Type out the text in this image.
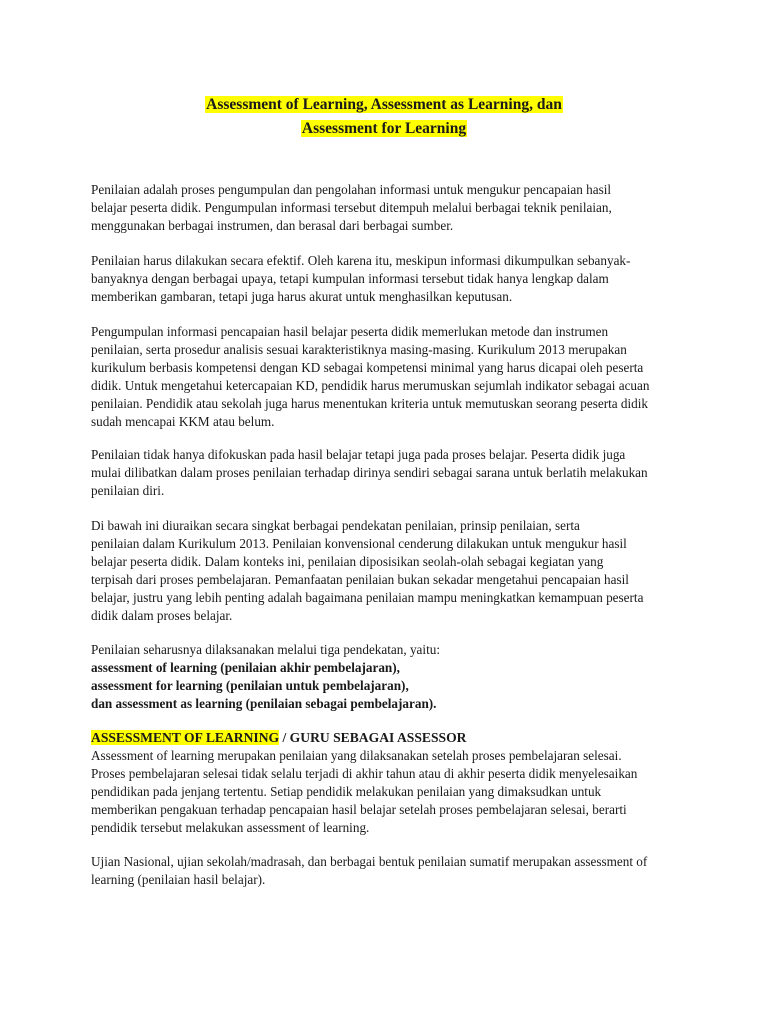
Assessment of Learning, Assessment as Learning, dan
Assessment for Learning
Penilaian adalah proses pengumpulan dan pengolahan informasi untuk mengukur pencapaian hasil
belajar peserta didik. Pengumpulan informasi tersebut ditempuh melalui berbagai teknik penilaian,
menggunakan berbagai instrumen, dan berasal dari berbagai sumber.
Penilaian harus dilakukan secara efektif. Oleh karena itu, meskipun informasi dikumpulkan sebanyak-
banyaknya dengan berbagai upaya, tetapi kumpulan informasi tersebut tidak hanya lengkap dalam
memberikan gambaran, tetapi juga harus akurat untuk menghasilkan keputusan.
Pengumpulan informasi pencapaian hasil belajar peserta didik memerlukan metode dan instrumen
penilaian, serta prosedur analisis sesuai karakteristiknya masing-masing. Kurikulum 2013 merupakan
kurikulum berbasis kompetensi dengan KD sebagai kompetensi minimal yang harus dicapai oleh peserta
didik. Untuk mengetahui ketercapaian KD, pendidik harus merumuskan sejumlah indikator sebagai acuan
penilaian. Pendidik atau sekolah juga harus menentukan kriteria untuk memutuskan seorang peserta didik
sudah mencapai KKM atau belum.
Penilaian tidak hanya difokuskan pada hasil belajar tetapi juga pada proses belajar. Peserta didik juga
mulai dilibatkan dalam proses penilaian terhadap dirinya sendiri sebagai sarana untuk berlatih melakukan
penilaian diri.
Di bawah ini diuraikan secara singkat berbagai pendekatan penilaian, prinsip penilaian, serta
penilaian dalam Kurikulum 2013. Penilaian konvensional cenderung dilakukan untuk mengukur hasil
belajar peserta didik. Dalam konteks ini, penilaian diposisikan seolah-olah sebagai kegiatan yang
terpisah dari proses pembelajaran. Pemanfaatan penilaian bukan sekadar mengetahui pencapaian hasil
belajar, justru yang lebih penting adalah bagaimana penilaian mampu meningkatkan kemampuan peserta
didik dalam proses belajar.
Penilaian seharusnya dilaksanakan melalui tiga pendekatan, yaitu:
assessment of learning (penilaian akhir pembelajaran),
assessment for learning (penilaian untuk pembelajaran),
dan assessment as learning (penilaian sebagai pembelajaran).
ASSESSMENT OF LEARNING / GURU SEBAGAI ASSESSOR
Assessment of learning merupakan penilaian yang dilaksanakan setelah proses pembelajaran selesai.
Proses pembelajaran selesai tidak selalu terjadi di akhir tahun atau di akhir peserta didik menyelesaikan
pendidikan pada jenjang tertentu. Setiap pendidik melakukan penilaian yang dimaksudkan untuk
memberikan pengakuan terhadap pencapaian hasil belajar setelah proses pembelajaran selesai, berarti
pendidik tersebut melakukan assessment of learning.
Ujian Nasional, ujian sekolah/madrasah, dan berbagai bentuk penilaian sumatif merupakan assessment of
learning (penilaian hasil belajar).
